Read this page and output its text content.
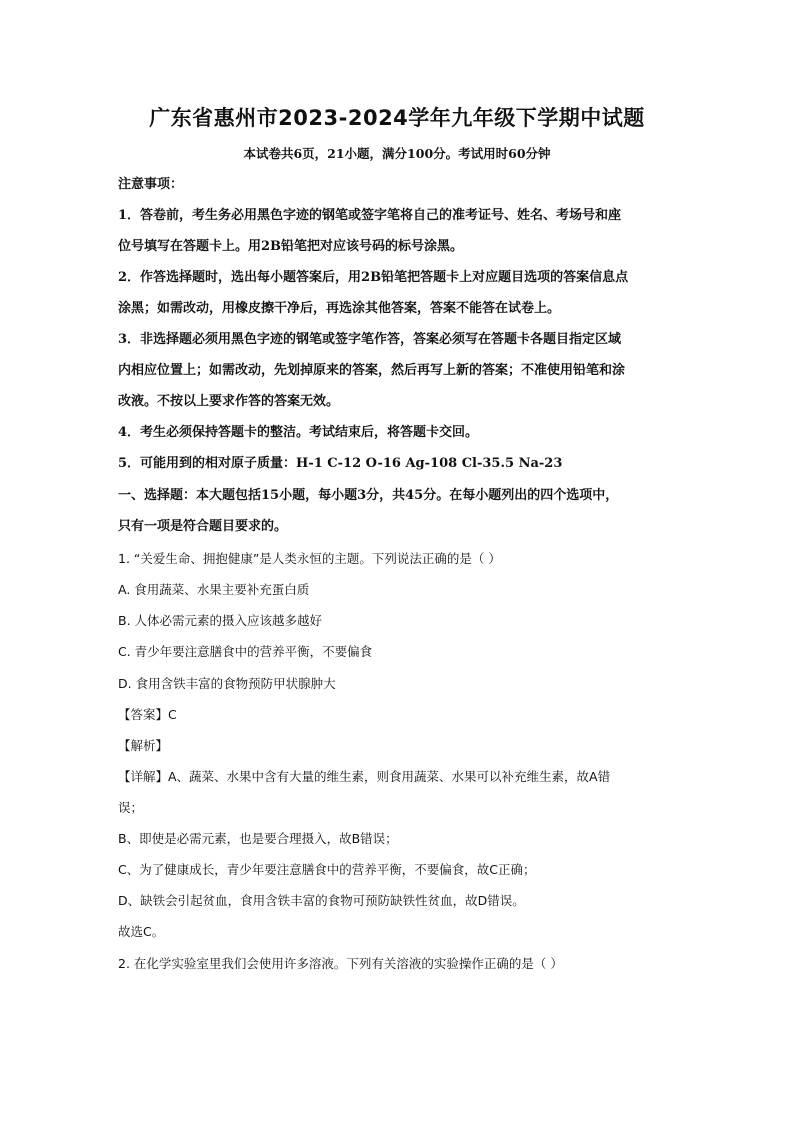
广东省惠州市2023-2024学年九年级下学期中试题
本试卷共6页，21小题，满分100分。考试用时60分钟
注意事项：
1．答卷前，考生务必用黑色字迹的钢笔或签字笔将自己的准考证号、姓名、考场号和座
位号填写在答题卡上。用2B铅笔把对应该号码的标号涂黑。
2．作答选择题时，选出每小题答案后，用2B铅笔把答题卡上对应题目选项的答案信息点
涂黑；如需改动，用橡皮擦干净后，再选涂其他答案，答案不能答在试卷上。
3．非选择题必须用黑色字迹的钢笔或签字笔作答，答案必须写在答题卡各题目指定区域
内相应位置上；如需改动，先划掉原来的答案，然后再写上新的答案；不准使用铅笔和涂
改液。不按以上要求作答的答案无效。
4．考生必须保持答题卡的整洁。考试结束后，将答题卡交回。
5．可能用到的相对原子质量：H-1 C-12 O-16 Ag-108 Cl-35.5 Na-23
一、选择题：本大题包括15小题，每小题3分，共45分。在每小题列出的四个选项中，
只有一项是符合题目要求的。
1. “关爱生命、拥抱健康”是人类永恒的主题。下列说法正确的是（ ）
A. 食用蔬菜、水果主要补充蛋白质
B. 人体必需元素的摄入应该越多越好
C. 青少年要注意膳食中的营养平衡，不要偏食
D. 食用含铁丰富的食物预防甲状腺肿大
【答案】C
【解析】
【详解】A、蔬菜、水果中含有大量的维生素，则食用蔬菜、水果可以补充维生素，故A错
误；
B、即使是必需元素，也是要合理摄入，故B错误；
C、为了健康成长，青少年要注意膳食中的营养平衡，不要偏食，故C正确；
D、缺铁会引起贫血，食用含铁丰富的食物可预防缺铁性贫血，故D错误。
故选C。
2. 在化学实验室里我们会使用许多溶液。下列有关溶液的实验操作正确的是（ ）
